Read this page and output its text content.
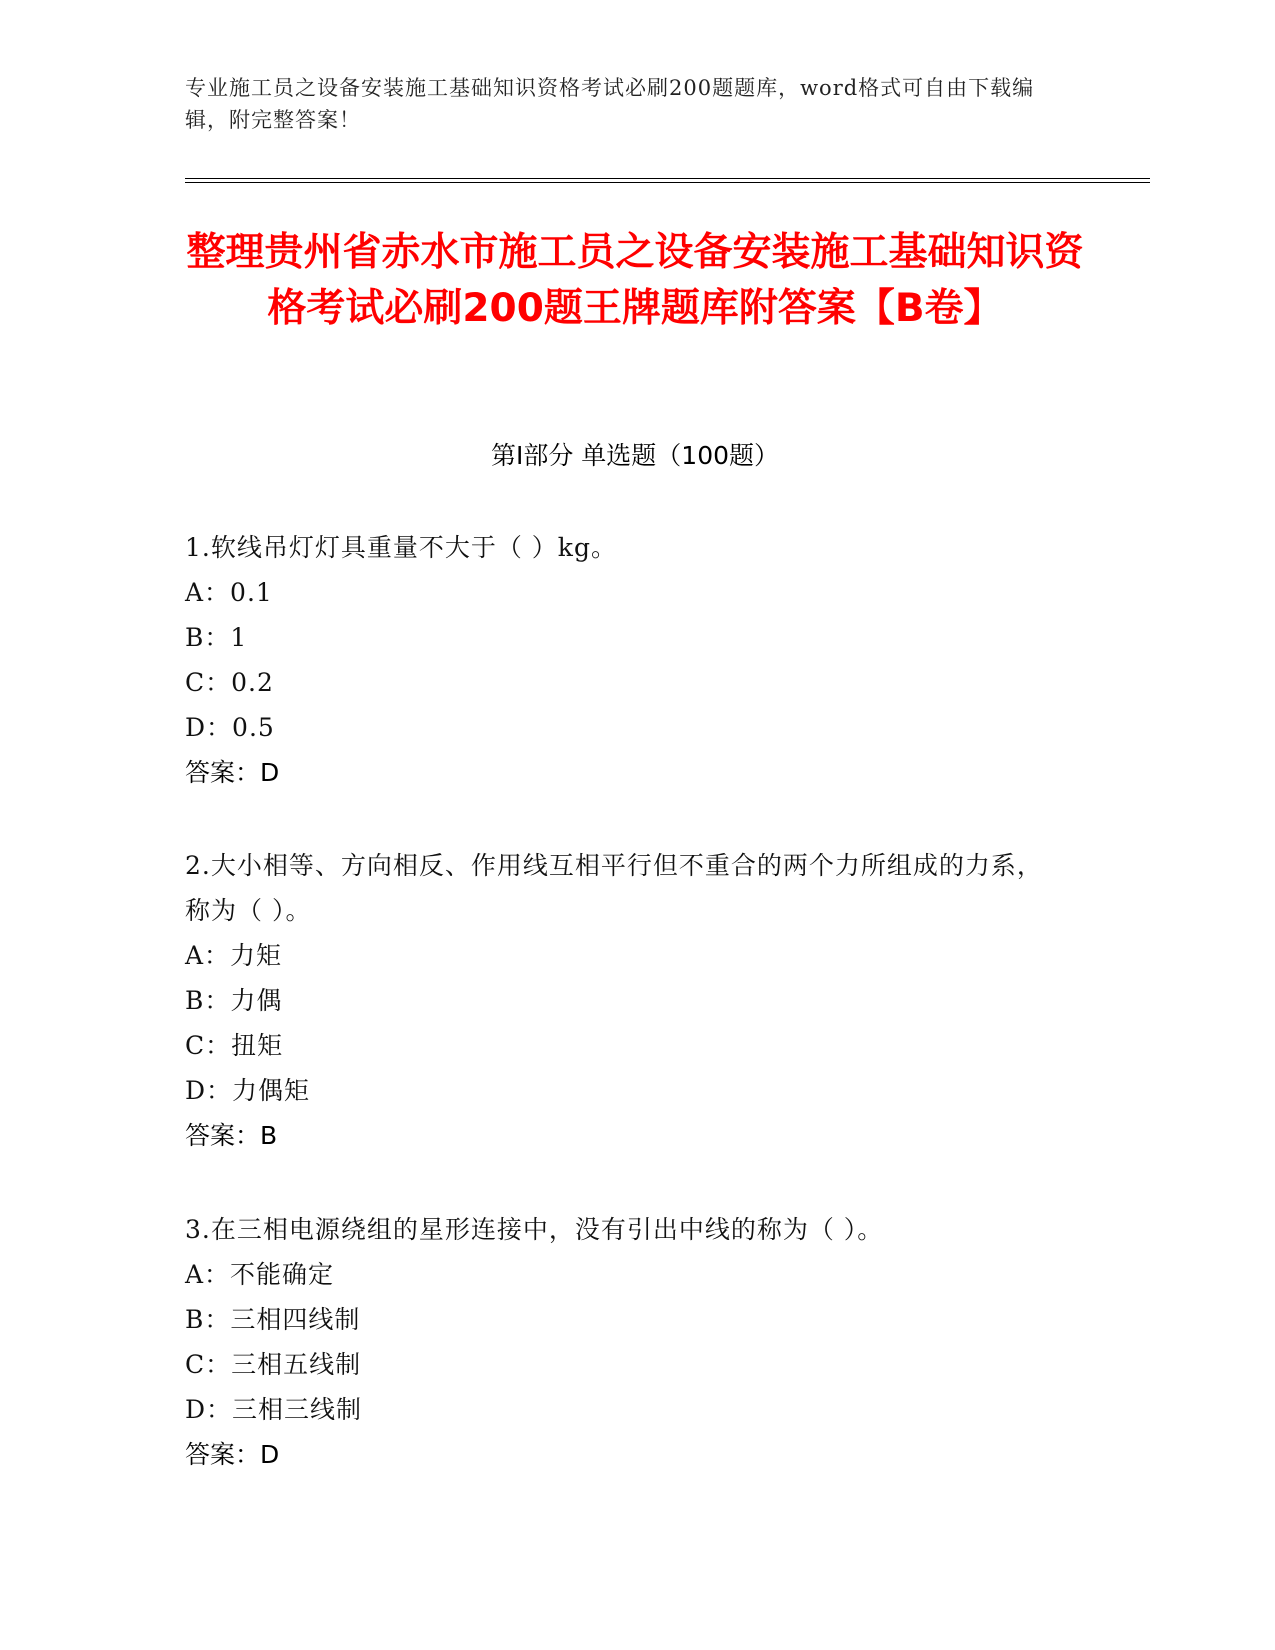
专业施工员之设备安装施工基础知识资格考试必刷200题题库，word格式可自由下载编辑，附完整答案！
整理贵州省赤水市施工员之设备安装施工基础知识资格考试必刷200题王牌题库附答案【B卷】
第Ⅰ部分 单选题（100题）
1.软线吊灯灯具重量不大于（ ）kg。
A：0.1
B：1
C：0.2
D：0.5
答案：D
2.大小相等、方向相反、作用线互相平行但不重合的两个力所组成的力系，称为（ ）。
A：力矩
B：力偶
C：扭矩
D：力偶矩
答案：B
3.在三相电源绕组的星形连接中，没有引出中线的称为（ ）。
A：不能确定
B：三相四线制
C：三相五线制
D：三相三线制
答案：D
